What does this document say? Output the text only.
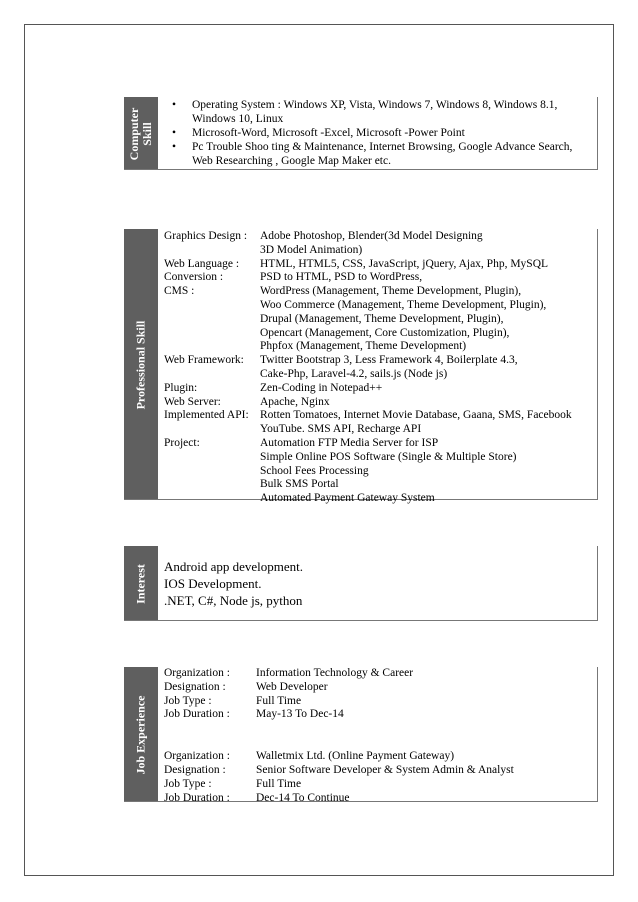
Computer Skill
• Operating System : Windows XP, Vista, Windows 7, Windows 8, Windows 8.1,
Windows 10, Linux
• Microsoft-Word, Microsoft -Excel, Microsoft -Power Point
• Pc Trouble Shoo ting & Maintenance, Internet Browsing, Google Advance Search,
Web Researching , Google Map Maker etc.
Professional Skill
Graphics Design :	Adobe Photoshop, Blender(3d Model Designing
3D Model Animation)
Web Language :	HTML, HTML5, CSS, JavaScript, jQuery, Ajax, Php, MySQL
Conversion :	PSD to HTML, PSD to WordPress,
CMS :	WordPress (Management, Theme Development, Plugin),
Woo Commerce (Management, Theme Development, Plugin),
Drupal (Management, Theme Development, Plugin),
Opencart (Management, Core Customization, Plugin),
Phpfox (Management, Theme Development)
Web Framework:	Twitter Bootstrap 3, Less Framework 4, Boilerplate 4.3,
Cake-Php, Laravel-4.2, sails.js (Node js)
Plugin:	Zen-Coding in Notepad++
Web Server:	Apache, Nginx
Implemented API: Rotten Tomatoes, Internet Movie Database, Gaana, SMS, Facebook
YouTube. SMS API, Recharge API
Project:	Automation FTP Media Server for ISP
Simple Online POS Software (Single & Multiple Store)
School Fees Processing
Bulk SMS Portal
Automated Payment Gateway System
Interest Android app development.
IOS Development.
.NET, C#, Node js, python
Job Experience
Organization :	Information Technology & Career
Designation :	Web Developer
Job Type :	Full Time
Job Duration :	May-13 To Dec-14
Organization :	Walletmix Ltd. (Online Payment Gateway)
Designation :	Senior Software Developer & System Admin & Analyst
Job Type :	Full Time
Job Duration :	Dec-14 To Continue
